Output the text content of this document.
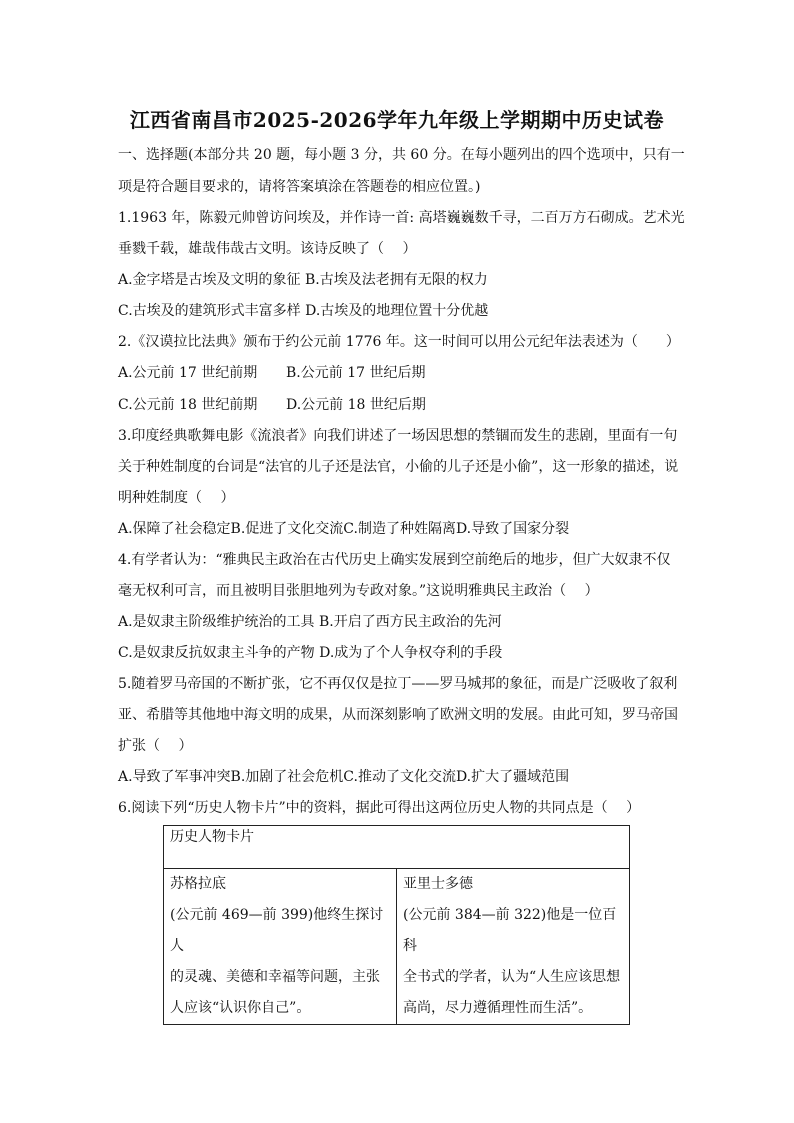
江西省南昌市2025-2026学年九年级上学期期中历史试卷
一、选择题(本部分共 20 题，每小题 3 分，共 60 分。在每小题列出的四个选项中，只有一
项是符合题目要求的，请将答案填涂在答题卷的相应位置。)
1.1963 年，陈毅元帅曾访问埃及，并作诗一首: 高塔巍巍数千寻，二百万方石砌成。艺术光
垂戮千载，雄哉伟哉古文明。该诗反映了（　 ）
A.金字塔是古埃及文明的象征 B.古埃及法老拥有无限的权力
C.古埃及的建筑形式丰富多样 D.古埃及的地理位置十分优越
2.《汉谟拉比法典》颁布于约公元前 1776 年。这一时间可以用公元纪年法表述为（　　）
A.公元前 17 世纪前期 B.公元前 17 世纪后期
C.公元前 18 世纪前期 D.公元前 18 世纪后期
3.印度经典歌舞电影《流浪者》向我们讲述了一场因思想的禁锢而发生的悲剧，里面有一句
关于种姓制度的台词是“法官的儿子还是法官，小偷的儿子还是小偷”，这一形象的描述，说
明种姓制度（　 ）
A.保障了社会稳定B.促进了文化交流C.制造了种姓隔离D.导致了国家分裂
4.有学者认为：“雅典民主政治在古代历史上确实发展到空前绝后的地步，但广大奴隶不仅
毫无权利可言，而且被明目张胆地列为专政对象。”这说明雅典民主政治（　 ）
A.是奴隶主阶级维护统治的工具 B.开启了西方民主政治的先河
C.是奴隶反抗奴隶主斗争的产物 D.成为了个人争权夺利的手段
5.随着罗马帝国的不断扩张，它不再仅仅是拉丁——罗马城邦的象征，而是广泛吸收了叙利
亚、希腊等其他地中海文明的成果，从而深刻影响了欧洲文明的发展。由此可知，罗马帝国
扩张（　 ）
A.导致了军事冲突B.加剧了社会危机C.推动了文化交流D.扩大了疆域范围
6.阅读下列“历史人物卡片”中的资料，据此可得出这两位历史人物的共同点是（　 ）
历史人物卡片

苏格拉底
(公元前 469—前 399)他终生探讨人
的灵魂、美德和幸福等问题，主张
人应该“认识你自己”。

亚里士多德
(公元前 384—前 322)他是一位百科
全书式的学者，认为“人生应该思想
高尚，尽力遵循理性而生活”。
